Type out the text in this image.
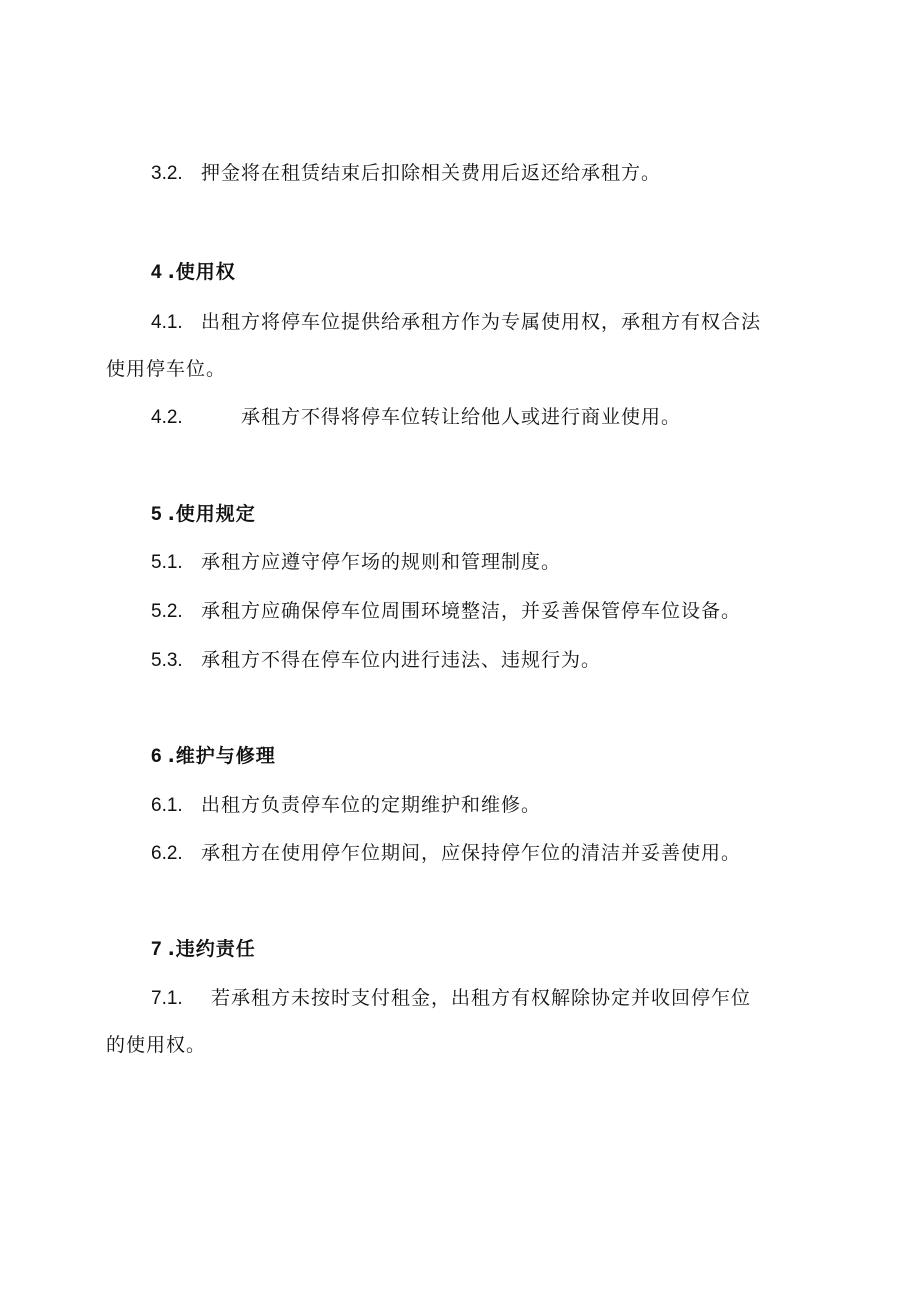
3.2. 押金将在租赁结束后扣除相关费用后返还给承租方。
4 .使用权
4.1. 出租方将停车位提供给承租方作为专属使用权，承租方有权合法
使用停车位。
4.2.	承租方不得将停车位转让给他人或进行商业使用。
5 .使用规定
5.1. 承租方应遵守停乍场的规则和管理制度。
5.2. 承租方应确保停车位周围环境整洁，并妥善保管停车位设备。
5.3. 承租方不得在停车位内进行违法、违规行为。
6 .维护与修理
6.1. 出租方负责停车位的定期维护和维修。
6.2. 承租方在使用停乍位期间，应保持停乍位的清洁并妥善使用。
7 .违约责任
7.1. 若承租方未按时支付租金，出租方有权解除协定并收回停乍位
的使用权。
